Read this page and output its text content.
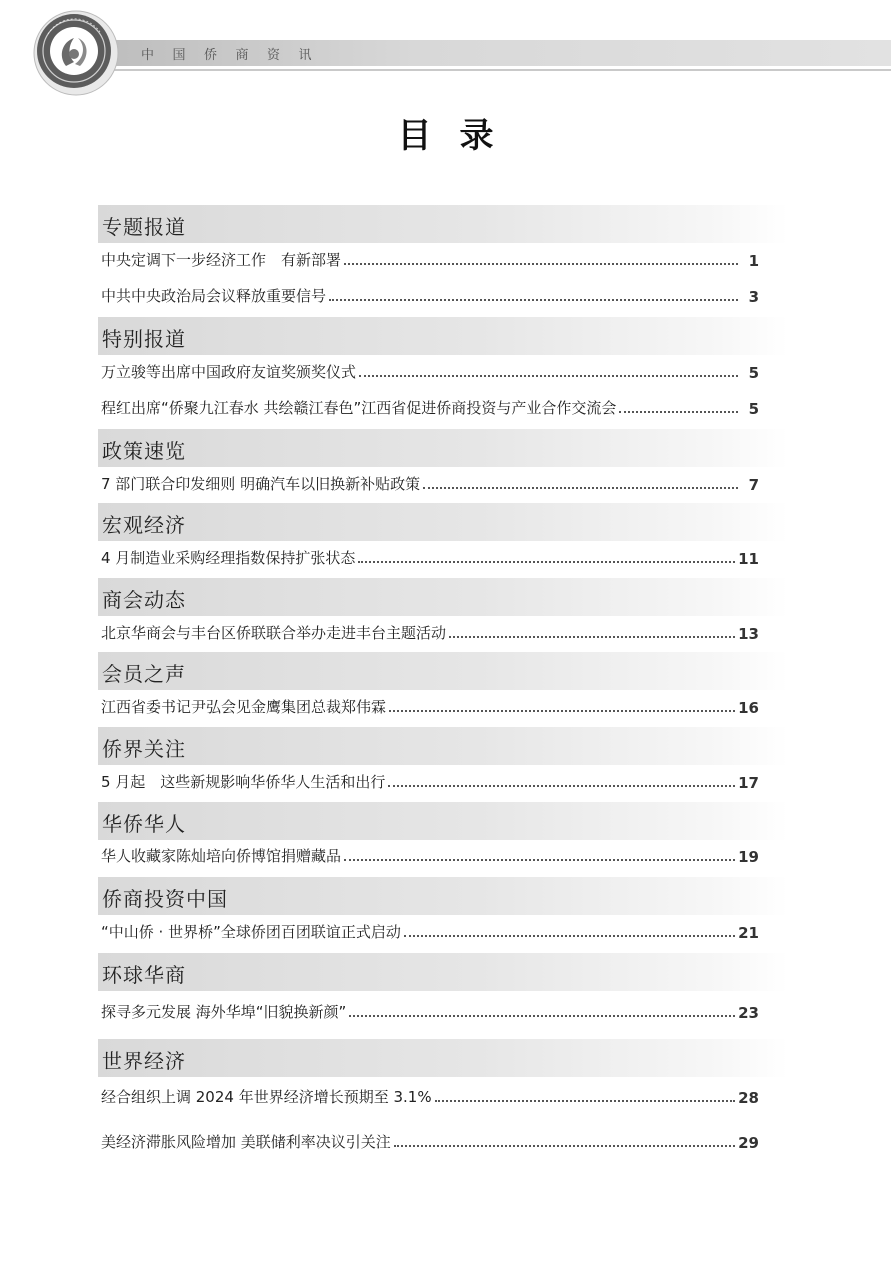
中国侨商资讯
目录
专题报道
中央定调下一步经济工作　有新部署	1
中共中央政治局会议释放重要信号	3
特别报道
万立骏等出席中国政府友谊奖颁奖仪式	5
程红出席“侨聚九江春水 共绘赣江春色”江西省促进侨商投资与产业合作交流会	5
政策速览
7 部门联合印发细则 明确汽车以旧换新补贴政策	7
宏观经济
4 月制造业采购经理指数保持扩张状态	11
商会动态
北京华商会与丰台区侨联联合举办走进丰台主题活动	13
会员之声
江西省委书记尹弘会见金鹰集团总裁郑伟霖	16
侨界关注
5 月起　这些新规影响华侨华人生活和出行	17
华侨华人
华人收藏家陈灿培向侨博馆捐赠藏品	19
侨商投资中国
“中山侨 · 世界桥”全球侨团百团联谊正式启动	21
环球华商
探寻多元发展 海外华埠“旧貌换新颜”	23
世界经济
经合组织上调 2024 年世界经济增长预期至 3.1%	28
美经济滞胀风险增加 美联储利率决议引关注	29
